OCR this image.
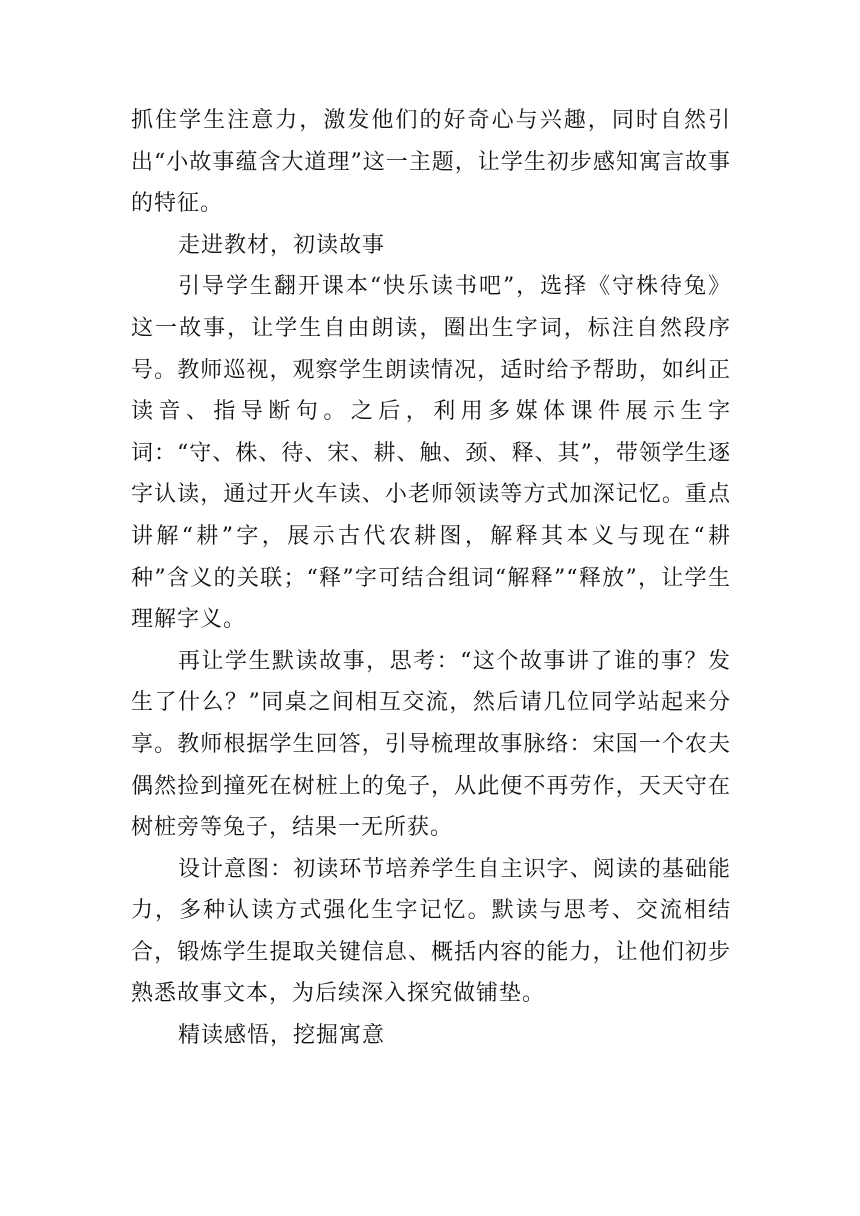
抓住学生注意力，激发他们的好奇心与兴趣，同时自然引出“小故事蕴含大道理”这一主题，让学生初步感知寓言故事的特征。

走进教材，初读故事

引导学生翻开课本“快乐读书吧”，选择《守株待兔》这一故事，让学生自由朗读，圈出生字词，标注自然段序号。教师巡视，观察学生朗读情况，适时给予帮助，如纠正读音、指导断句。之后，利用多媒体课件展示生字词：“守、株、待、宋、耕、触、颈、释、其”，带领学生逐字认读，通过开火车读、小老师领读等方式加深记忆。重点讲解“耕”字，展示古代农耕图，解释其本义与现在“耕种”含义的关联；“释”字可结合组词“解释”“释放”，让学生理解字义。

再让学生默读故事，思考：“这个故事讲了谁的事？发生了什么？”同桌之间相互交流，然后请几位同学站起来分享。教师根据学生回答，引导梳理故事脉络：宋国一个农夫偶然捡到撞死在树桩上的兔子，从此便不再劳作，天天守在树桩旁等兔子，结果一无所获。

设计意图：初读环节培养学生自主识字、阅读的基础能力，多种认读方式强化生字记忆。默读与思考、交流相结合，锻炼学生提取关键信息、概括内容的能力，让他们初步熟悉故事文本，为后续深入探究做铺垫。

精读感悟，挖掘寓意
